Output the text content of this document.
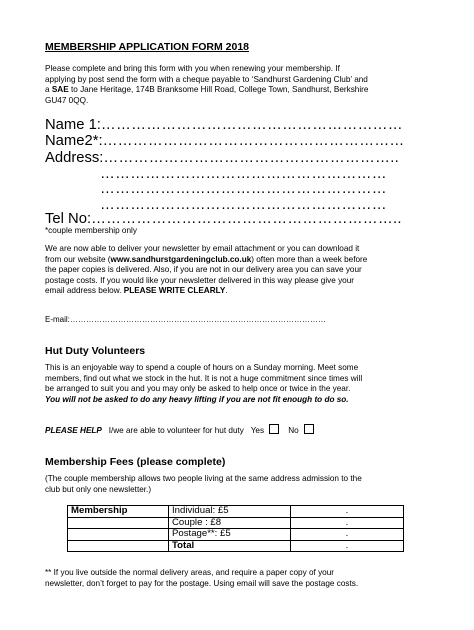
MEMBERSHIP APPLICATION FORM 2018
Please complete and bring this form with you when renewing your membership. If
applying by post send the form with a cheque payable to ‘Sandhurst Gardening Club’ and
a SAE to Jane Heritage, 174B Branksome Hill Road, College Town, Sandhurst, Berkshire
GU47 0QQ.
Name 1:……………………………………………………
Name2*:……………………………………………………
Address:…………………………………………………..
…………………………………………………
…………………………………………………
…………………………………………………
Tel No:……………………………………………………..
*couple membership only
We are now able to deliver your newsletter by email attachment or you can download it
from our website (www.sandhurstgardeningclub.co.uk) often more than a week before
the paper copies is delivered. Also, if you are not in our delivery area you can save your
postage costs. If you would like your newsletter delivered in this way please give your
email address below. PLEASE WRITE CLEARLY.
E-mail:……………………………………………………………………………………
Hut Duty Volunteers
This is an enjoyable way to spend a couple of hours on a Sunday morning. Meet some
members, find out what we stock in the hut. It is not a huge commitment since times will
be arranged to suit you and you may only be asked to help once or twice in the year.
You will not be asked to do any heavy lifting if you are not fit enough to do so.
PLEASE HELP I/we are able to volunteer for hut duty Yes	No
Membership Fees (please complete)
(The couple membership allows two people living at the same address admission to the
club but only one newsletter.)
Membership	Individual: £5	.
	Couple : £8	.
	Postage**: £5	.
	Total	.
** If you live outside the normal delivery areas, and require a paper copy of your
newsletter, don’t forget to pay for the postage. Using email will save the postage costs.
